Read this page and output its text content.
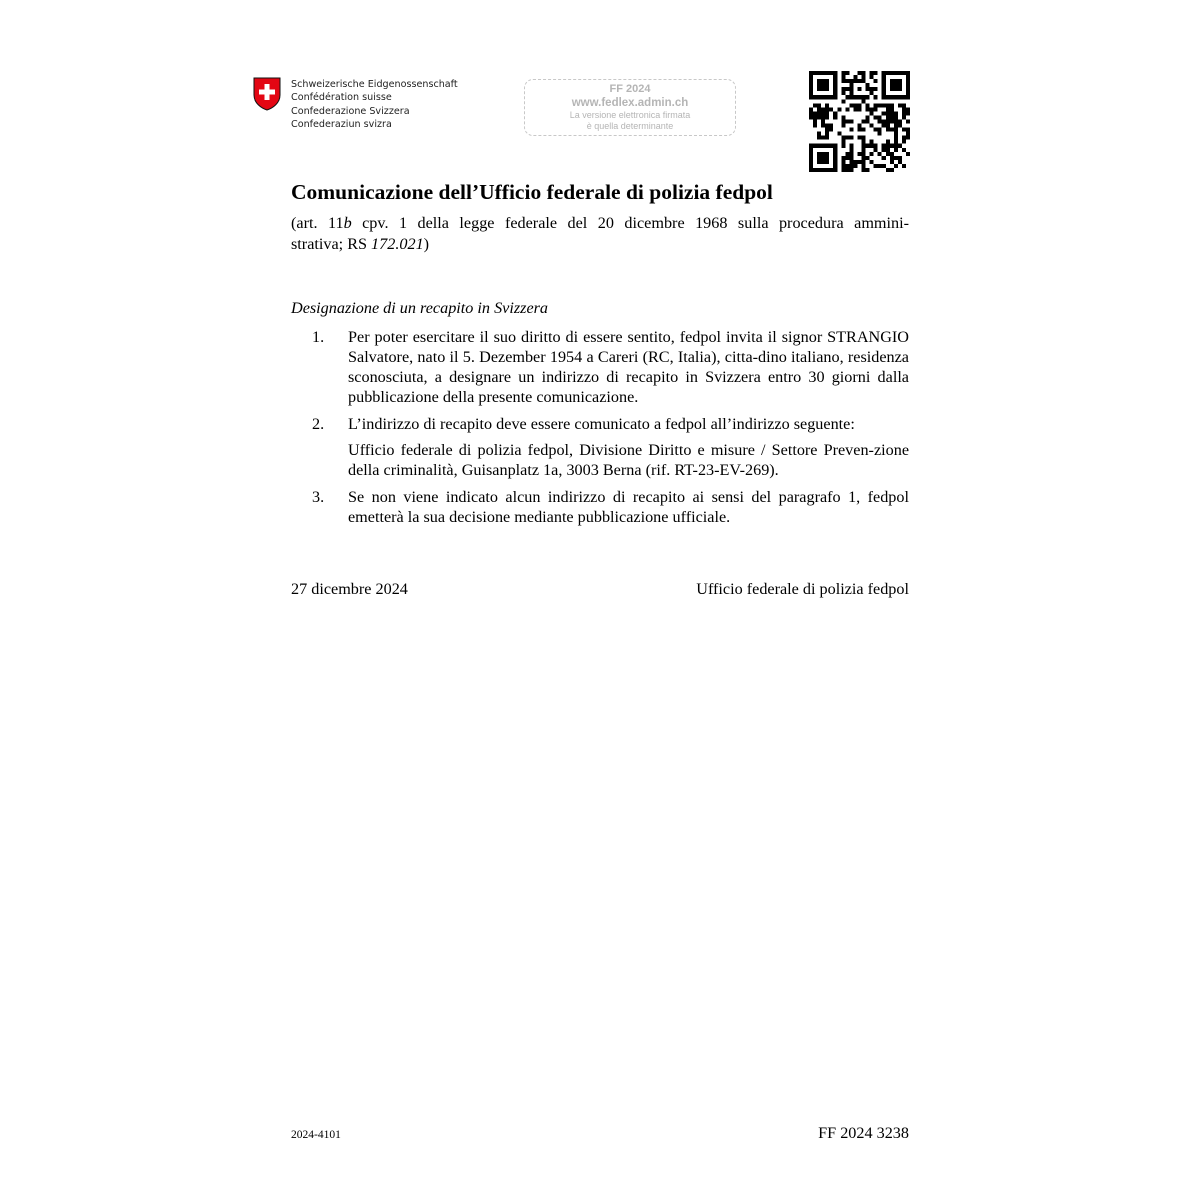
Schweizerische Eidgenossenschaft
Confédération suisse
Confederazione Svizzera
Confederaziun svizra
FF 2024
www.fedlex.admin.ch
La versione elettronica firmata
è quella determinante
Comunicazione dell’Ufficio federale di polizia fedpol
(art. 11b cpv. 1 della legge federale del 20 dicembre 1968 sulla procedura ammini-
strativa; RS 172.021)
Designazione di un recapito in Svizzera
1. Per poter esercitare il suo diritto di essere sentito, fedpol invita il signor STRANGIO Salvatore, nato il 5. Dezember 1954 a Careri (RC, Italia), citta-dino italiano, residenza sconosciuta, a designare un indirizzo di recapito in Svizzera entro 30 giorni dalla pubblicazione della presente comunicazione.
2. L’indirizzo di recapito deve essere comunicato a fedpol all’indirizzo seguente:
Ufficio federale di polizia fedpol, Divisione Diritto e misure / Settore Preven-zione della criminalità, Guisanplatz 1a, 3003 Berna (rif. RT-23-EV-269).
3. Se non viene indicato alcun indirizzo di recapito ai sensi del paragrafo 1, fedpol emetterà la sua decisione mediante pubblicazione ufficiale.
27 dicembre 2024	Ufficio federale di polizia fedpol
2024-4101	FF 2024 3238
